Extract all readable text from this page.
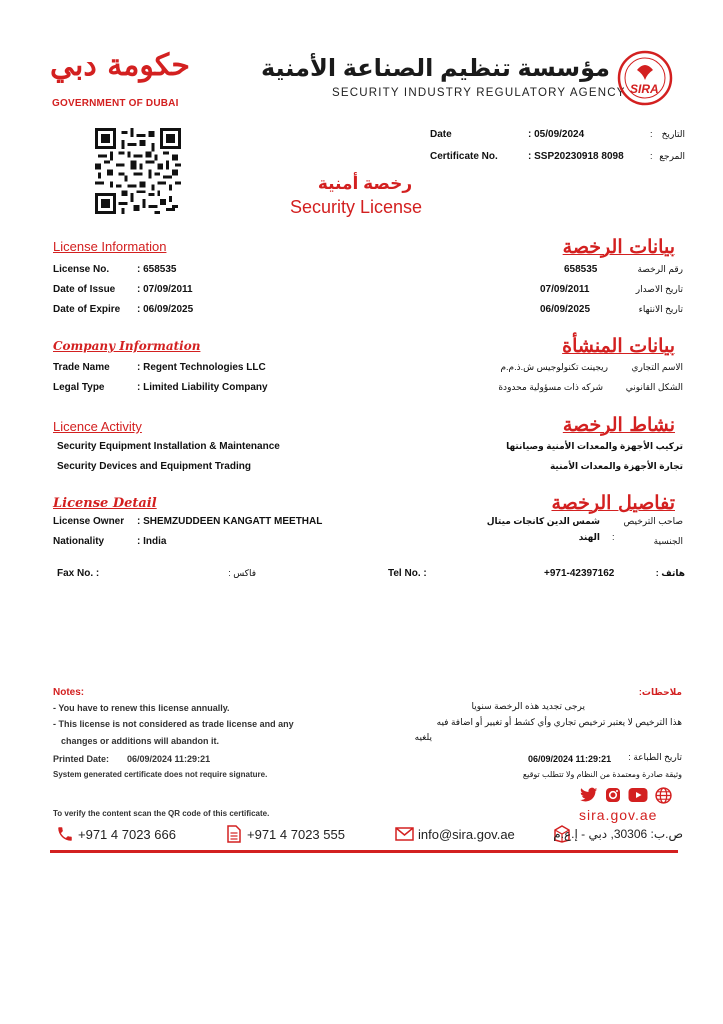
حكومة دبي
GOVERNMENT OF DUBAI
مؤسسة تنظيم الصناعة الأمنية
SECURITY INDUSTRY REGULATORY AGENCY SIRA
Date	: 05/09/2024	:	التاريخ
Certificate No.	: SSP20230918 8098	: المرجع
رخصة أمنية
Security License
License Information	بيانات الرخصة
License No.	: 658535	658535	رقم الرخصة
Date of Issue : 07/09/2011	07/09/2011	تاريخ الاصدار
Date of Expire : 06/09/2025	06/09/2025	تاريخ الانتهاء
Company Information	بيانات المنشأة
Trade Name	: Regent Technologies LLC	ريجينت تكنولوجيس ش.ذ.م.م	الاسم التجاري
Legal Type	: Limited Liability Company	شركه ذات مسؤولية محدودة	الشكل القانوني
Licence Activity	نشاط الرخصة
Security Equipment Installation & Maintenance	تركيب الأجهزة والمعدات الأمنية وصيانتها
Security Devices and Equipment Trading	تجارة الأجهزة والمعدات الأمنية
License Detail	تفاصيل الرخصة
License Owner : SHEMZUDDEEN KANGATT MEETHAL	شمس الدين كانجات ميتال	صاحب الترخيص
Nationality	: India	الهند :	الجنسية
Fax No. :	فاكس :	Tel No. :	+971-42397162	هاتف :
Notes:	ملاحظات:
- You have to renew this license annually.	يرجى تجديد هذه الرخصة سنويا
- This license is not considered as trade license and any	هذا الترخيص لا يعتبر ترخيص تجاري وأي كشط أو تغيير أو اضافة فيه
changes or additions will abandon it.	يلغيه
Printed Date: 06/09/2024 11:29:21	06/09/2024 11:29:21	تاريخ الطباعة :
System generated certificate does not require signature.	وثيقة صادرة ومعتمدة من النظام ولا تتطلب توقيع
To verify the content scan the QR code of this certificate.	sira.gov.ae
+971 4 7023 666	+971 4 7023 555	info@sira.gov.ae	ص.ب: 30306, دبي - إ.ع.م
